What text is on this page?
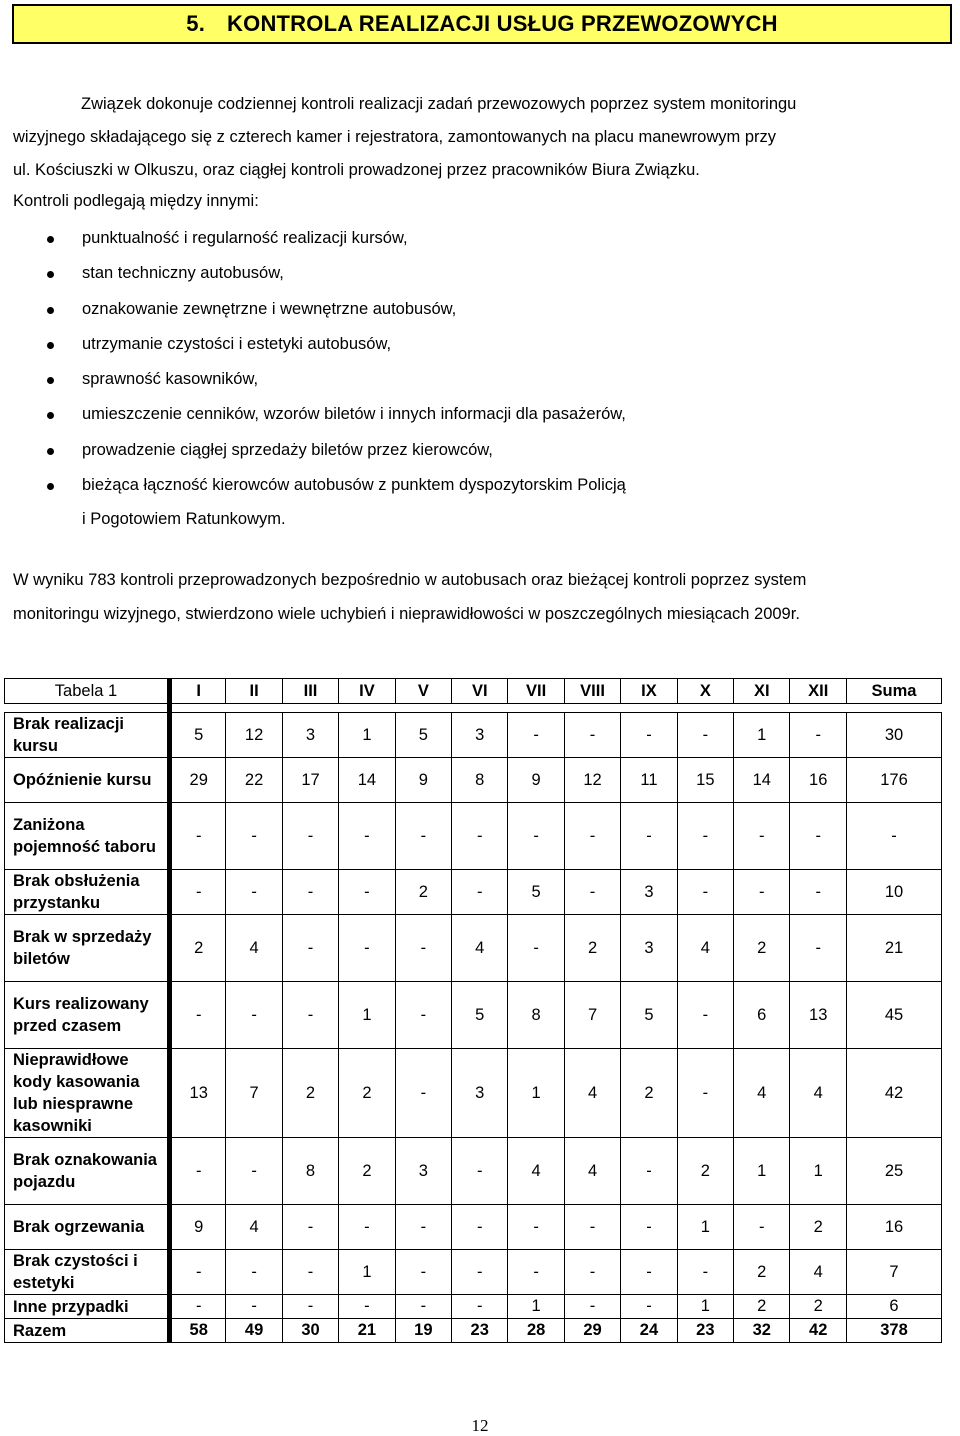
5. KONTROLA REALIZACJI USŁUG PRZEWOZOWYCH
Związek dokonuje codziennej kontroli realizacji zadań przewozowych poprzez system monitoringu
wizyjnego składającego się z czterech kamer i rejestratora, zamontowanych na placu manewrowym przy
ul. Kościuszki w Olkuszu, oraz ciągłej kontroli prowadzonej przez pracowników Biura Związku.
Kontroli podlegają między innymi:
punktualność i regularność realizacji kursów,
stan techniczny autobusów,
oznakowanie zewnętrzne i wewnętrzne autobusów,
utrzymanie czystości i estetyki autobusów,
sprawność kasowników,
umieszczenie cenników, wzorów biletów i innych informacji dla pasażerów,
prowadzenie ciągłej sprzedaży biletów przez kierowców,
bieżąca łączność kierowców autobusów z punktem dyspozytorskim Policją
i Pogotowiem Ratunkowym.
W wyniku 783 kontroli przeprowadzonych bezpośrednio w autobusach oraz bieżącej kontroli poprzez system
monitoringu wizyjnego, stwierdzono wiele uchybień i nieprawidłowości w poszczególnych miesiącach 2009r.
Tabela 1	I	II	III	IV	V	VI	VII	VIII	IX	X	XI	XII	Suma

Brak realizacji kursu	5	12	3	1	5	3	-	-	-	-	1	-	30
Opóźnienie kursu	29	22	17	14	9	8	9	12	11	15	14	16	176
Zaniżona pojemność taboru	-	-	-	-	-	-	-	-	-	-	-	-	-
Brak obsłużenia przystanku	-	-	-	-	2	-	5	-	3	-	-	-	10
Brak w sprzedaży biletów	2	4	-	-	-	4	-	2	3	4	2	-	21
Kurs realizowany przed czasem	-	-	-	1	-	5	8	7	5	-	6	13	45
Nieprawidłowe kody kasowania lub niesprawne kasowniki	13	7	2	2	-	3	1	4	2	-	4	4	42
Brak oznakowania pojazdu	-	-	8	2	3	-	4	4	-	2	1	1	25
Brak ogrzewania	9	4	-	-	-	-	-	-	-	1	-	2	16
Brak czystości i estetyki	-	-	-	1	-	-	-	-	-	-	2	4	7
Inne przypadki	-	-	-	-	-	-	1	-	-	1	2	2	6
Razem	58	49	30	21	19	23	28	29	24	23	32	42	378
12
